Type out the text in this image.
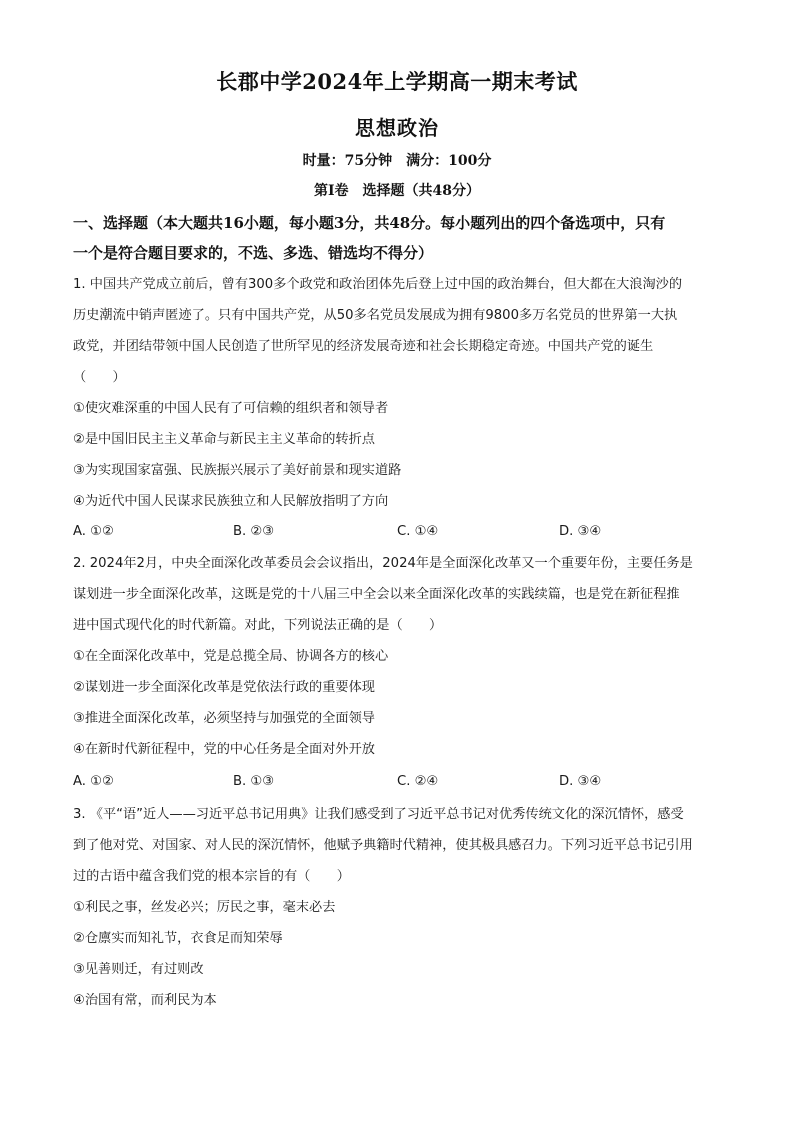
长郡中学2024年上学期高一期末考试
思想政治
时量：75分钟　满分：100分
第Ⅰ卷　选择题（共48分）
一、选择题（本大题共16小题，每小题3分，共48分。每小题列出的四个备选项中，只有
一个是符合题目要求的，不选、多选、错选均不得分）
1. 中国共产党成立前后，曾有300多个政党和政治团体先后登上过中国的政治舞台，但大都在大浪淘沙的
历史潮流中销声匿迹了。只有中国共产党，从50多名党员发展成为拥有9800多万名党员的世界第一大执
政党，并团结带领中国人民创造了世所罕见的经济发展奇迹和社会长期稳定奇迹。中国共产党的诞生
（　　）
①使灾难深重的中国人民有了可信赖的组织者和领导者
②是中国旧民主主义革命与新民主主义革命的转折点
③为实现国家富强、民族振兴展示了美好前景和现实道路
④为近代中国人民谋求民族独立和人民解放指明了方向
A. ①②	B. ②③	C. ①④	D. ③④
2. 2024年2月，中央全面深化改革委员会会议指出，2024年是全面深化改革又一个重要年份，主要任务是
谋划进一步全面深化改革，这既是党的十八届三中全会以来全面深化改革的实践续篇，也是党在新征程推
进中国式现代化的时代新篇。对此，下列说法正确的是（　　）
①在全面深化改革中，党是总揽全局、协调各方的核心
②谋划进一步全面深化改革是党依法行政的重要体现
③推进全面深化改革，必须坚持与加强党的全面领导
④在新时代新征程中，党的中心任务是全面对外开放
A. ①②	B. ①③	C. ②④	D. ③④
3. 《平“语”近人——习近平总书记用典》让我们感受到了习近平总书记对优秀传统文化的深沉情怀，感受
到了他对党、对国家、对人民的深沉情怀，他赋予典籍时代精神，使其极具感召力。下列习近平总书记引用
过的古语中蕴含我们党的根本宗旨的有（　　）
①利民之事，丝发必兴；厉民之事，毫末必去
②仓廪实而知礼节，衣食足而知荣辱
③见善则迁，有过则改
④治国有常，而利民为本
